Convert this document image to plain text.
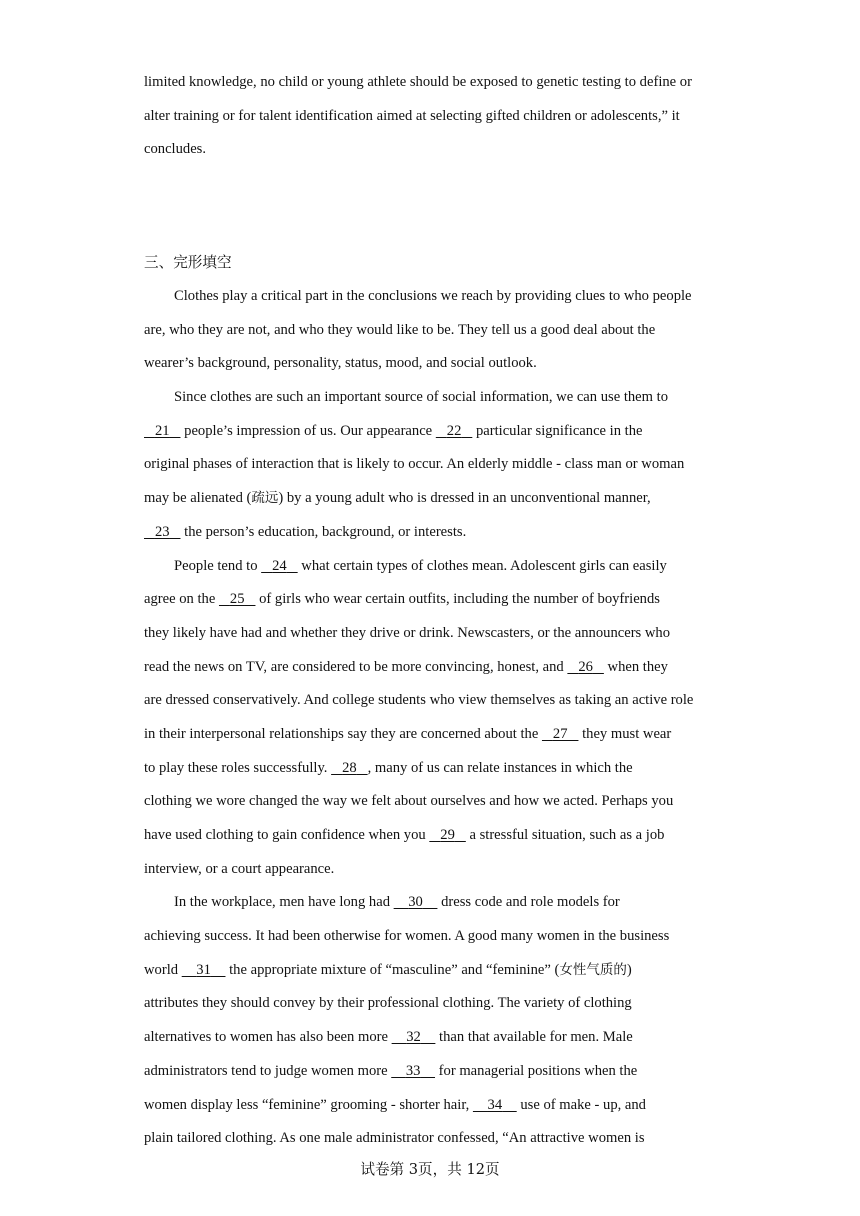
limited knowledge, no child or young athlete should be exposed to genetic testing to define or
alter training or for talent identification aimed at selecting gifted children or adolescents,” it
concludes.
三、完形填空
Clothes play a critical part in the conclusions we reach by providing clues to who people
are, who they are not, and who they would like to be. They tell us a good deal about the
wearer’s background, personality, status, mood, and social outlook.
Since clothes are such an important source of social information, we can use them to
21    people’s impression of us. Our appearance    22    particular significance in the
original phases of interaction that is likely to occur. An elderly middle - class man or woman
may be alienated (疏远) by a young adult who is dressed in an unconventional manner,
23    the person’s education, background, or interests.
People tend to    24    what certain types of clothes mean. Adolescent girls can easily
agree on the    25    of girls who wear certain outfits, including the number of boyfriends
they likely have had and whether they drive or drink. Newscasters, or the announcers who
read the news on TV, are considered to be more convincing, honest, and    26    when they
are dressed conservatively. And college students who view themselves as taking an active role
in their interpersonal relationships say they are concerned about the    27    they must wear
to play these roles successfully.    28 , many of us can relate instances in which the
clothing we wore changed the way we felt about ourselves and how we acted. Perhaps you
have used clothing to gain confidence when you    29    a stressful situation, such as a job
interview, or a court appearance.
In the workplace, men have long had     30     dress code and role models for
achieving success. It had been otherwise for women. A good many women in the business
world     31     the appropriate mixture of “masculine” and “feminine” (女性气质的)
attributes they should convey by their professional clothing. The variety of clothing
alternatives to women has also been more     32     than that available for men. Male
administrators tend to judge women more     33     for managerial positions when the
women display less “feminine” grooming - shorter hair,     34     use of make - up, and
plain tailored clothing. As one male administrator confessed, “An attractive women is
试卷第 3页，共 12页
